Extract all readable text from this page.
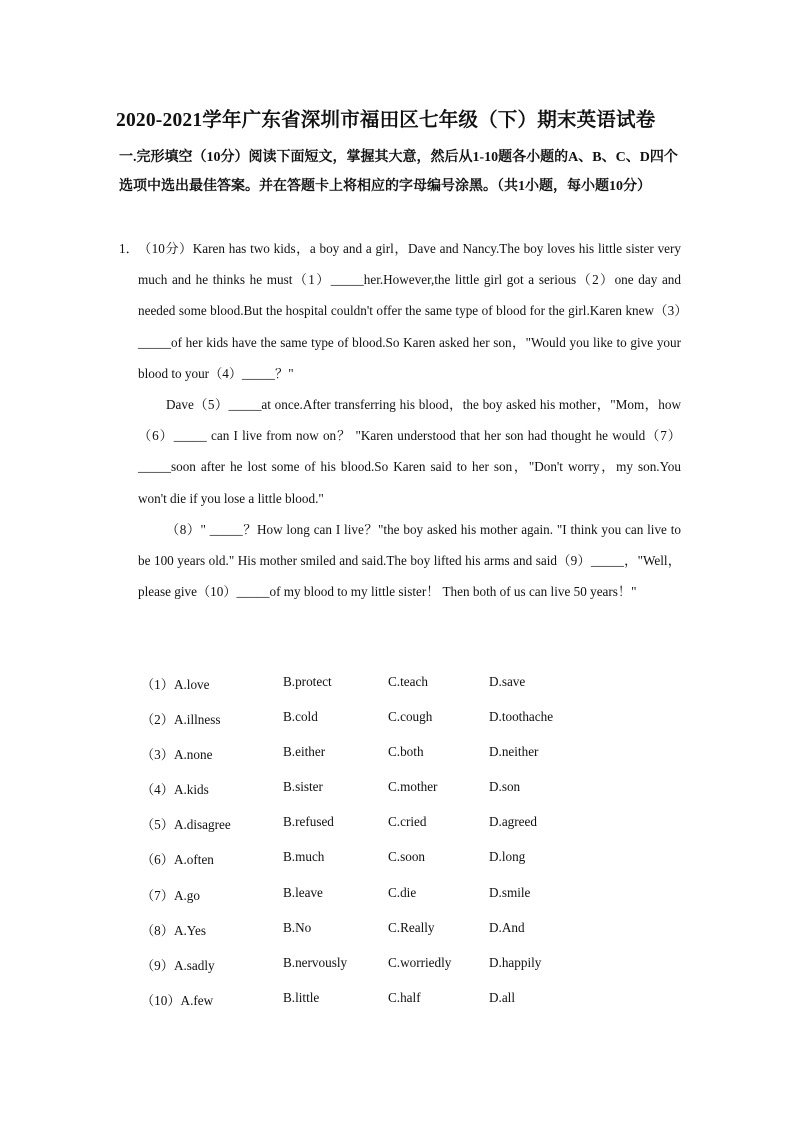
2020-2021学年广东省深圳市福田区七年级（下）期末英语试卷
一.完形填空（10分）阅读下面短文，掌握其大意，然后从1-10题各小题的A、B、C、D四个选项中选出最佳答案。并在答题卡上将相应的字母编号涂黑。（共1小题，每小题10分）
1． （10分）Karen has two kids，a boy and a girl，Dave and Nancy.The boy loves his little sister very much and he thinks he must（1）_____her.However,the little girl got a serious（2）one day and needed some blood.But the hospital couldn't offer the same type of blood for the girl.Karen knew（3）_____of her kids have the same type of blood.So Karen asked her son，"Would you like to give your blood to your（4）_____？"

Dave（5）_____at once.After transferring his blood，the boy asked his mother，"Mom，how （6）_____ can I live from now on？ "Karen understood that her son had thought he would（7）_____soon after he lost some of his blood.So Karen said to her son，"Don't worry，my son.You won't die if you lose a little blood."

（8）" _____？How long can I live？"the boy asked his mother again. "I think you can live to be 100 years old." His mother smiled and said.The boy lifted his arms and said（9）_____，"Well，please give（10）_____of my blood to my little sister！ Then both of us can live 50 years！"

（1）A.love	B.protect	C.teach	D.save
（2）A.illness	B.cold	C.cough	D.toothache
（3）A.none	B.either	C.both	D.neither
（4）A.kids	B.sister	C.mother	D.son
（5）A.disagree	B.refused	C.cried	D.agreed
（6）A.often	B.much	C.soon	D.long
（7）A.go	B.leave	C.die	D.smile
（8）A.Yes	B.No	C.Really	D.And
（9）A.sadly	B.nervously	C.worriedly	D.happily
（10）A.few	B.little	C.half	D.all
